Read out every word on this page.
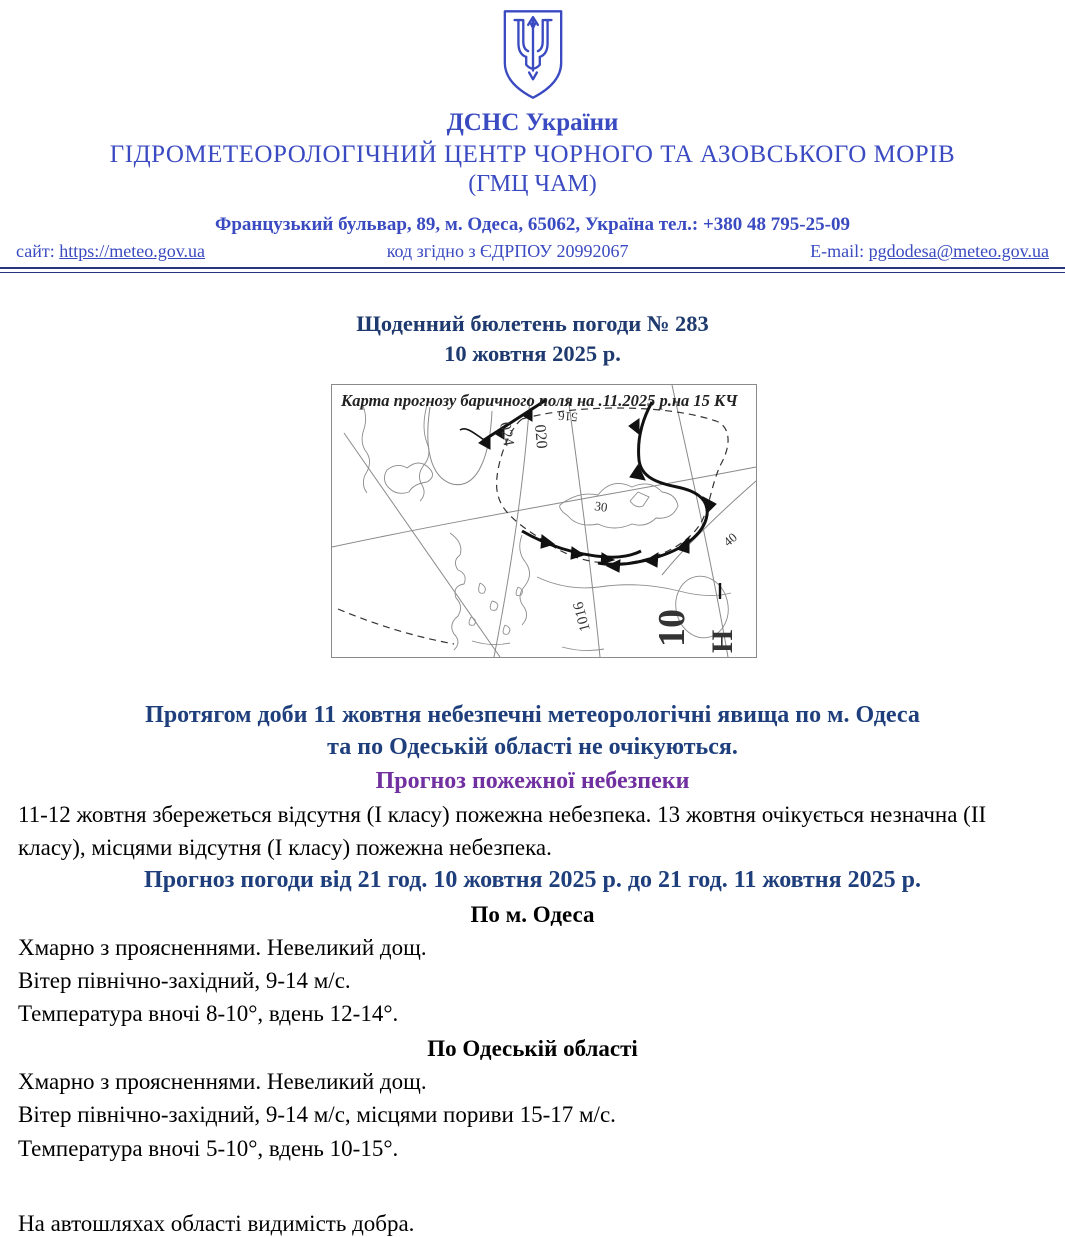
ДСНС України
ГІДРОМЕТЕОРОЛОГІЧНИЙ ЦЕНТР ЧОРНОГО ТА АЗОВСЬКОГО МОРІВ
(ГМЦ ЧАМ)
Французький бульвар, 89, м. Одеса, 65062, Україна тел.: +380 48 795-25-09
сайт: https://meteo.gov.ua	код згідно з ЄДРПОУ 20992067	E-mail: pgdodesa@meteo.gov.ua
Щоденний бюлетень погоди № 283
10 жовтня 2025 р.
024 020
516
30
40
1016 10 Н
Карта прогнозу баричного поля на .11.2025 р.на 15 КЧ
Протягом доби 11 жовтня небезпечні метеорологічні явища по м. Одеса
та по Одеській області не очікуються.
Прогноз пожежної небезпеки

11-12 жовтня збережеться відсутня (І класу) пожежна небезпека. 13 жовтня очікується незначна (ІІ класу), місцями відсутня (І класу) пожежна небезпека.

Прогноз погоди від 21 год. 10 жовтня 2025 р. до 21 год. 11 жовтня 2025 р.
По м. Одеса
Хмарно з проясненнями. Невеликий дощ.
Вітер північно-західний, 9-14 м/с.
Температура вночі 8-10°, вдень 12-14°.
По Одеській області
Хмарно з проясненнями. Невеликий дощ.
Вітер північно-західний, 9-14 м/с, місцями пориви 15-17 м/с.
Температура вночі 5-10°, вдень 10-15°.
На автошляхах області видимість добра.
